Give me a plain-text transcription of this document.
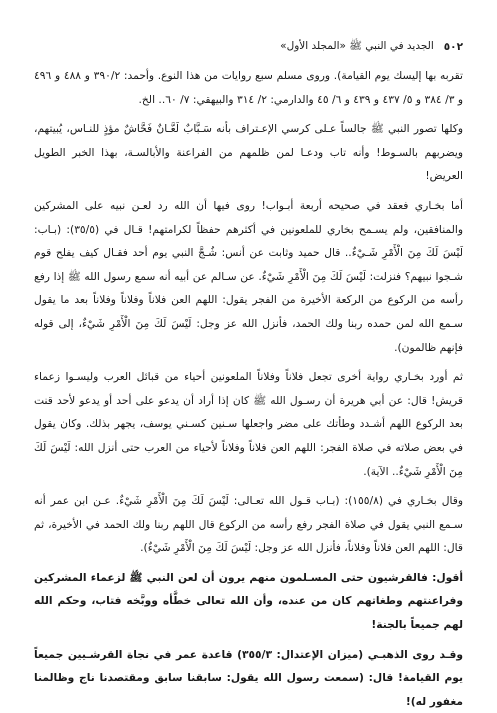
٥٠٢
الجديد في النبي ﷺ «المجلد الأول»

تقربه بها إليسك يوم القيامة). وروى مسلم سبع روايات من هذا النوع. وأحمد: ٣٩٠/٢ و ٤٨٨ و ٤٩٦ و ٣/ ٣٨٤ و ٥/ ٤٣٧ و ٤٣٩ و ٦/ ٤٥ والدارمي: ٢/ ٣١٤ والبيهقي: ٧/ ٦٠.. الخ.

وكلها تصور النبي ﷺ جالساً عـلى كرسي الإعـتراف بأنه سَـبَّابٌ لَعَّـانٌ فَحَّاشٌ مؤذٍ للنـاس، يُبيتهم، ويضربهم بالسـوط! وأنه تاب ودعـا لمن ظلمهم من الفراعنة والأبالسـة، بهذا الخبر الطويل العريض!

أما بخـاري فعقد في صحيحه أربعة أبـواب! روى فيها أن الله رد لعـن نبيه على المشركين والمنافقين، ولم يسـمح بخاري للملعونين في أكثرهم حفظاً لكرامتهم! قـال في (٣٥/٥): (بـاب: لَيْسَ لَكَ مِنَ الْأَمْرِ شَـيْءٌ.. قال حميد وثابت عن أنس: شُـجَّ النبي يوم أحد فقـال كيف يفلح قوم شـجوا نبيهم؟ فنزلت: لَيْسَ لَكَ مِنَ الْأَمْرِ شَيْءٌ. عن سـالم عن أبيه أنه سمع رسول الله ﷺ إذا رفع رأسه من الركوع من الركعة الأخيرة من الفجر يقول: اللهم العن فلاناً وفلاناً وفلاناً بعد ما يقول سـمع الله لمن حمده ربنا ولك الحمد، فأنزل الله عز وجل: لَيْسَ لَكَ مِنَ الْأَمْرِ شَيْءٌ، إلى قوله فإنهم ظالمون).

ثم أورد بخـاري رواية أخرى تجعل فلاناً وفلاناً الملعونين أحياء من قبائل العرب وليسـوا زعماء قريش! قال: عن أبي هريرة أن رسـول الله ﷺ كان إذا أراد أن يدعو على أحد أو يدعو لأحد قنت بعد الركوع اللهم أشـدد وطأتك على مضر واجعلها سـنين كسـني يوسف، يجهر بذلك. وكان يقول في بعض صلاته في صلاة الفجر: اللهم العن فلاناً وفلاناً لأحياء من العرب حتى أنزل الله: لَيْسَ لَكَ مِنَ الْأَمْرِ شَيْءٌ.. الآية).

وقال بخـاري في (١٥٥/٨): (بـاب قـول الله تعـالى: لَيْسَ لَكَ مِنَ الْأَمْرِ شَيْءٌ. عـن ابن عمر أنه سـمع النبي يقول في صلاة الفجر رفع رأسه من الركوع قال اللهم ربنا ولك الحمد في الأخيرة، ثم قال: اللهم العن فلاناً وفلاناً، فأنزل الله عز وجل: لَيْسَ لَكَ مِنَ الْأَمْرِ شَيْءٌ).

أقول: فالقرشيون حتى المسـلمون منهم يرون أن لعن النبي ﷺ لزعماء المشركين وفراعنتهم وطغاتهم كان من عنده، وأن الله تعالى خطَّأه ووبَّخه فتاب، وحكم الله لهم جميعاً بالجنة!

وقـد روى الذهبـي (ميزان الإعتدال: ٣٥٥/٣) قاعدة عمر في نجاة القرشـيين جميعاً يوم القيامة! قال: (سمعت رسول الله يقول: سابقنا سابق ومقتصدنا ناج وظالمنا مغفور له)!
